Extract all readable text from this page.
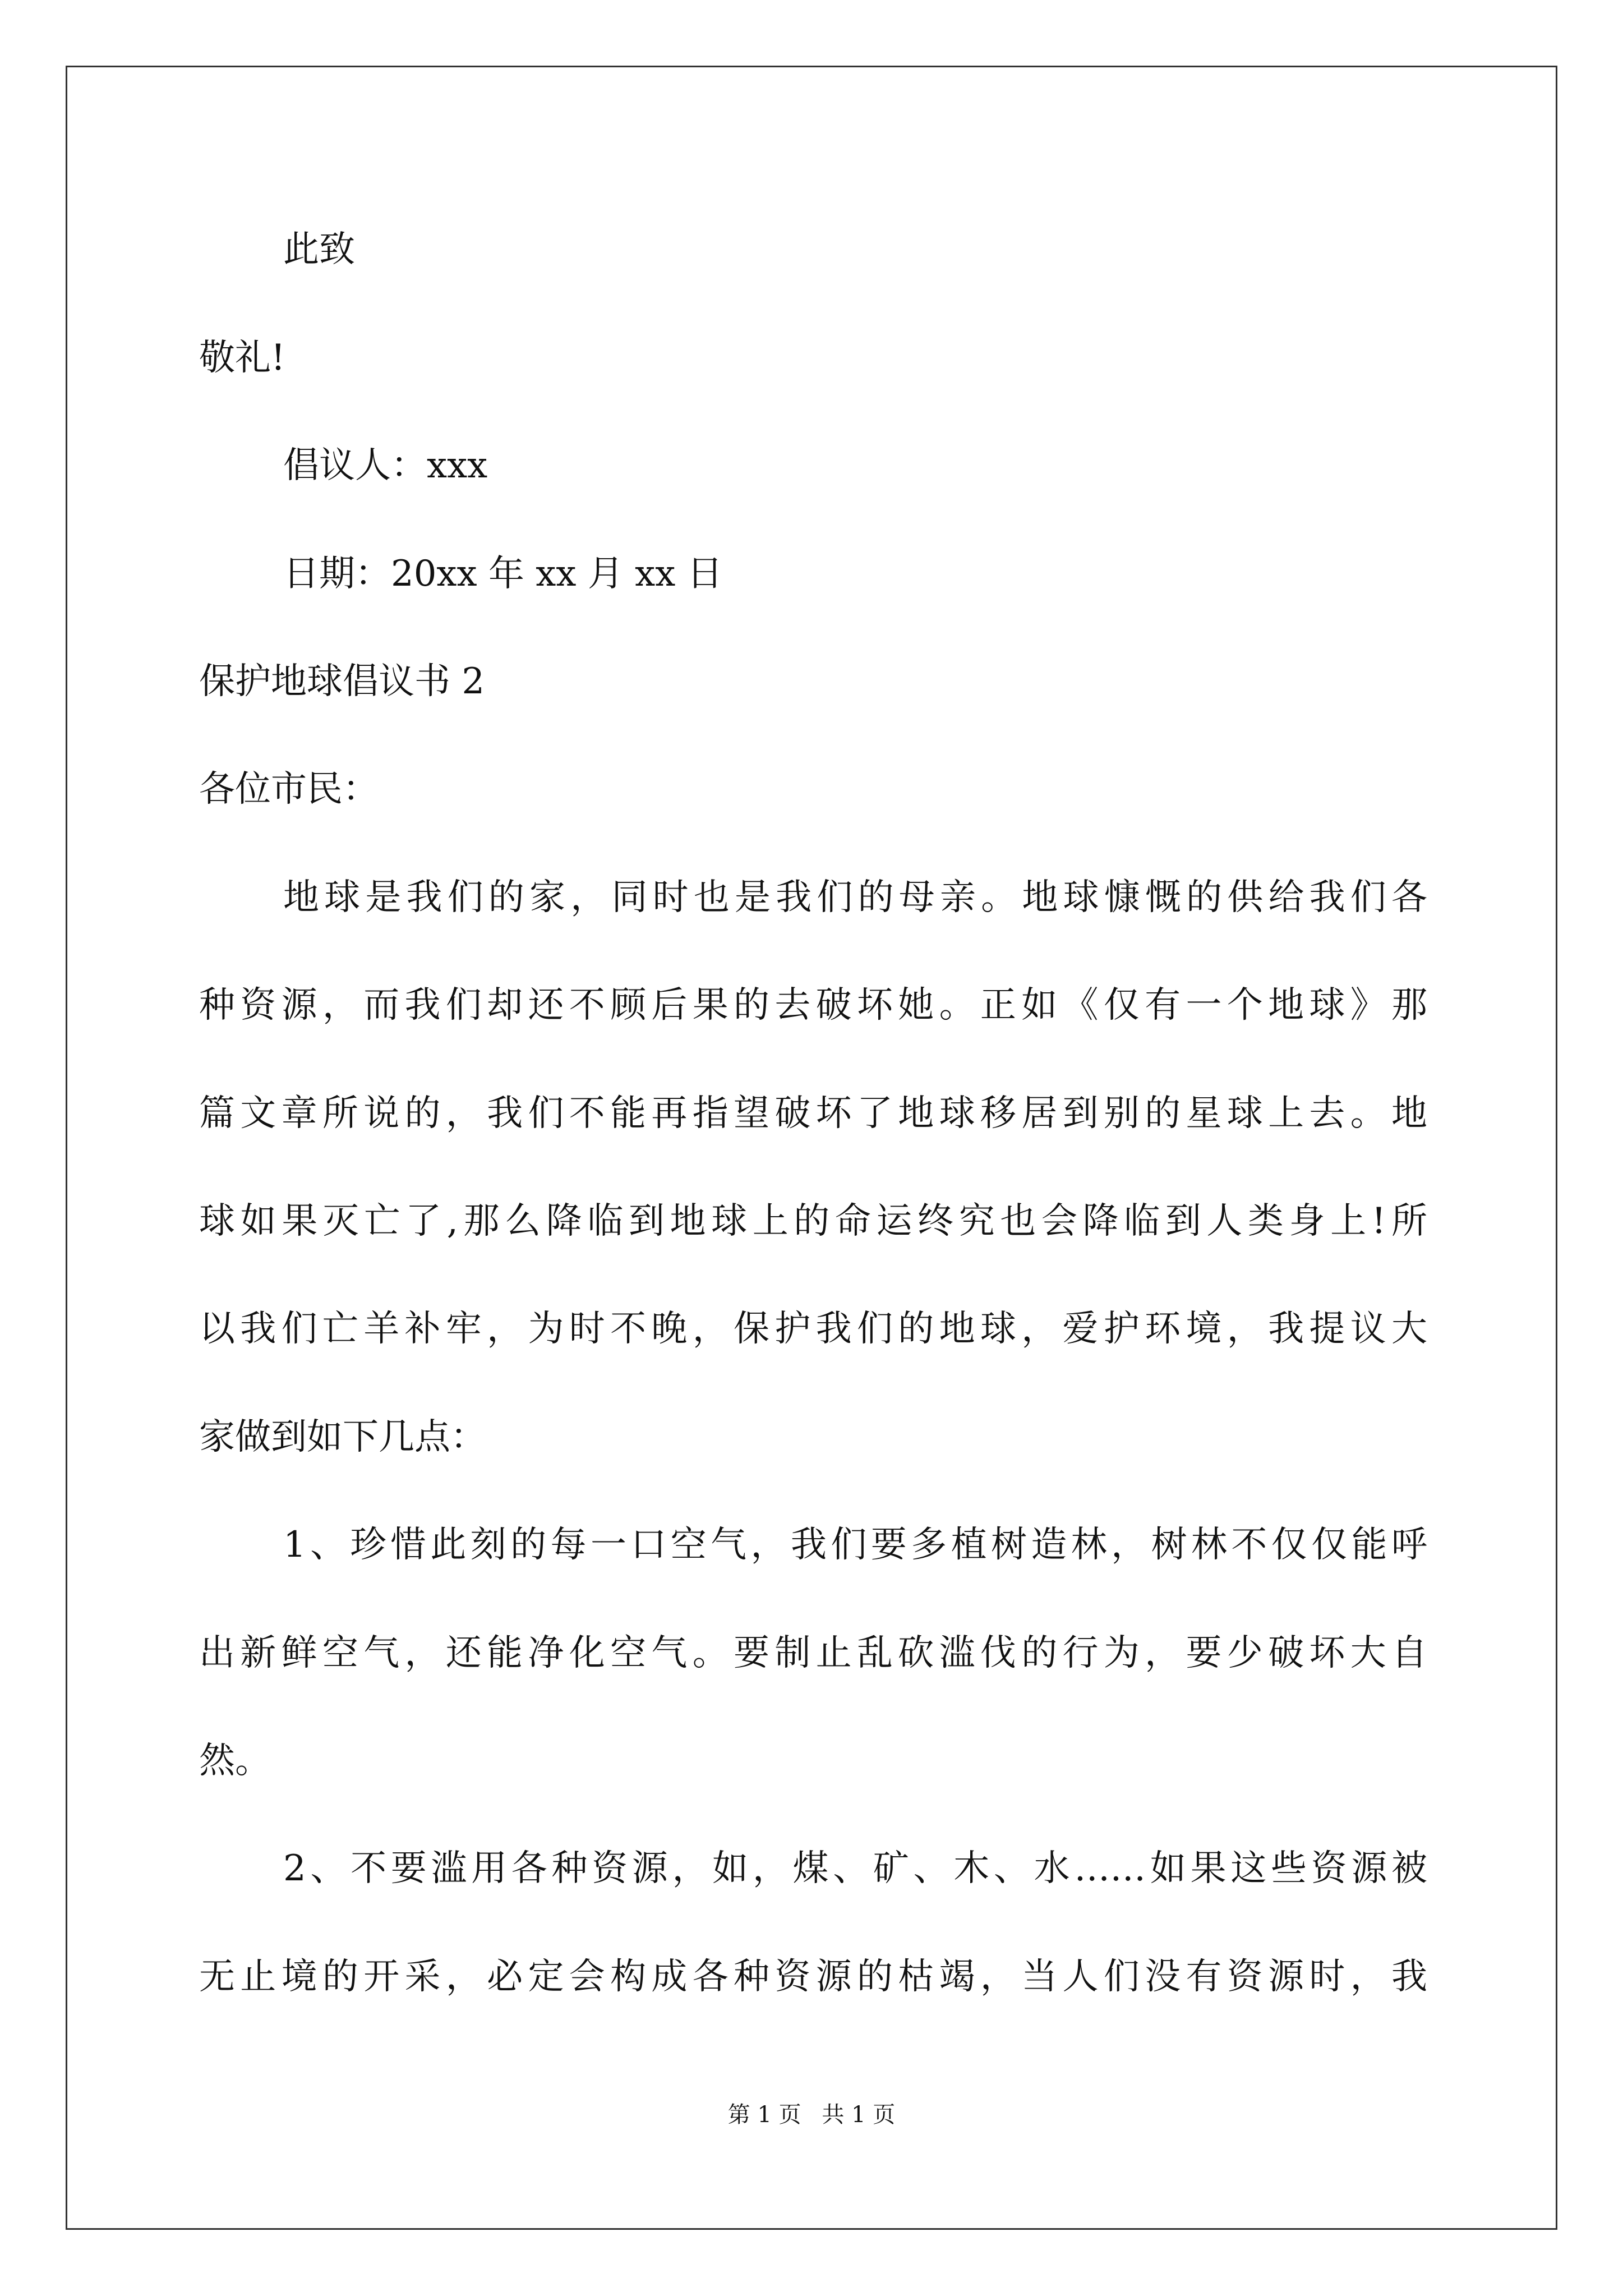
此致
敬礼!
倡议人：xxx
日期：20xx 年 xx 月 xx 日
保护地球倡议书 2
各位市民：
地球是我们的家，同时也是我们的母亲。地球慷慨的供给我们各
种资源，而我们却还不顾后果的去破坏她。正如《仅有一个地球》那
篇文章所说的，我们不能再指望破坏了地球移居到别的星球上去。地
球如果灭亡了,那么降临到地球上的命运终究也会降临到人类身上!所
以我们亡羊补牢，为时不晚，保护我们的地球，爱护环境，我提议大
家做到如下几点：
1、珍惜此刻的每一口空气，我们要多植树造林，树林不仅仅能呼
出新鲜空气，还能净化空气。要制止乱砍滥伐的行为，要少破坏大自
然。
2、不要滥用各种资源，如，煤、矿、木、水……如果这些资源被
无止境的开采，必定会构成各种资源的枯竭，当人们没有资源时，我
第 1 页 共 1 页
